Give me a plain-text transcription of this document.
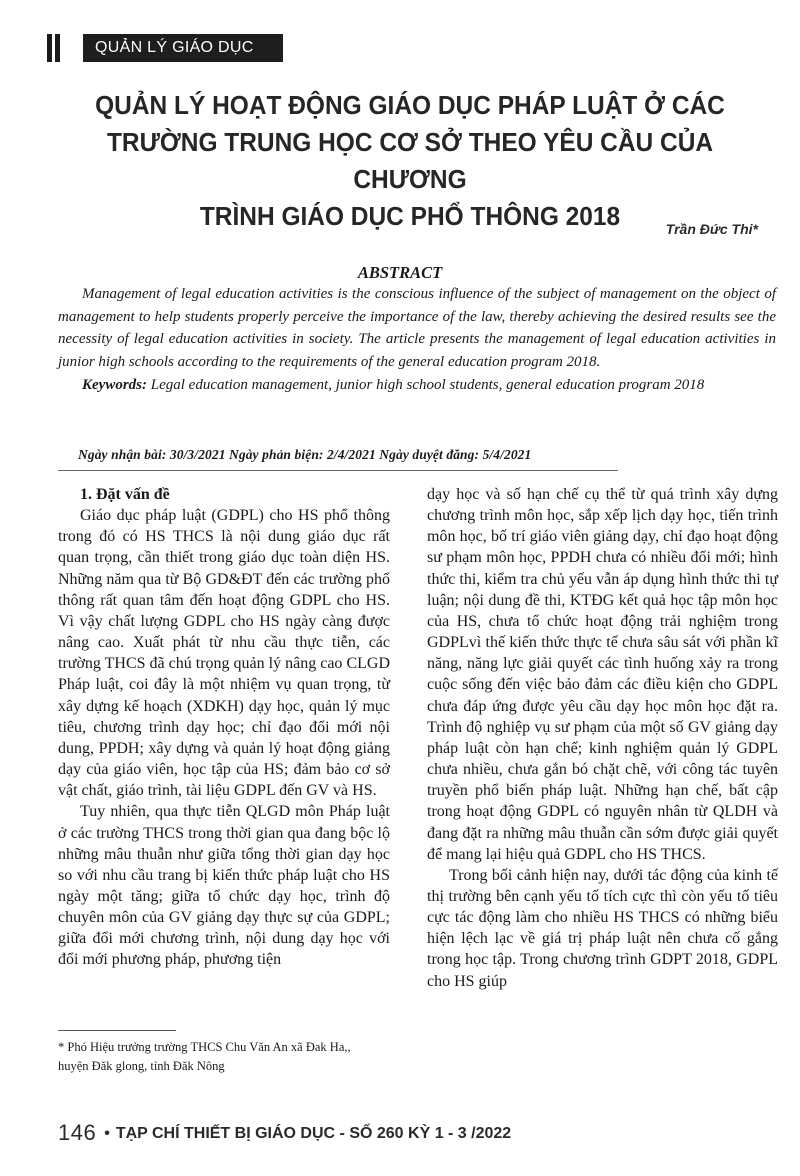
QUẢN LÝ GIÁO DỤC
QUẢN LÝ HOẠT ĐỘNG GIÁO DỤC PHÁP LUẬT Ở CÁC
TRƯỜNG TRUNG HỌC CƠ SỞ THEO YÊU CẦU CỦA CHƯƠNG
TRÌNH GIÁO DỤC PHỔ THÔNG 2018	Trần Đức Thi*
ABSTRACT

Management of legal education activities is the conscious influence of the subject of management on the object of management to help students properly perceive the importance of the law, thereby achieving the desired results see the necessity of legal education activities in society. The article presents the management of legal education activities in junior high schools according to the requirements of the general education program 2018.

Keywords: Legal education management, junior high school students, general education program 2018
Ngày nhận bài: 30/3/2021 Ngày phản biện: 2/4/2021 Ngày duyệt đăng: 5/4/2021

1. Đặt vấn đề

Giáo dục pháp luật (GDPL) cho HS phổ thông trong đó có HS THCS là nội dung giáo dục rất quan trọng, cần thiết trong giáo dục toàn diện HS. Những năm qua từ Bộ GD&ĐT đến các trường phổ thông rất quan tâm đến hoạt động GDPL cho HS. Vì vậy chất lượng GDPL cho HS ngày càng được nâng cao. Xuất phát từ nhu cầu thực tiễn, các trường THCS đã chú trọng quản lý nâng cao CLGD Pháp luật, coi đây là một nhiệm vụ quan trọng, từ xây dựng kế hoạch (XDKH) dạy học, quản lý mục tiêu, chương trình dạy học; chỉ đạo đổi mới nội dung, PPDH; xây dựng và quản lý hoạt động giảng dạy của giáo viên, học tập của HS; đảm bảo cơ sở vật chất, giáo trình, tài liệu GDPL đến GV và HS.

Tuy nhiên, qua thực tiễn QLGD môn Pháp luật ở các trường THCS trong thời gian qua đang bộc lộ những mâu thuẫn như giữa tổng thời gian dạy học so với nhu cầu trang bị kiến thức pháp luật cho HS ngày một tăng; giữa tổ chức dạy học, trình độ chuyên môn của GV giảng dạy thực sự của GDPL; giữa đổi mới chương trình, nội dung dạy học với đổi mới phương pháp, phương tiện

dạy học và số hạn chế cụ thể từ quá trình xây dựng chương trình môn học, sắp xếp lịch dạy học, tiến trình môn học, bố trí giáo viên giảng dạy, chỉ đạo hoạt động sư phạm môn học, PPDH chưa có nhiều đổi mới; hình thức thi, kiểm tra chủ yếu vẫn áp dụng hình thức thi tự luận; nội dung đề thi, KTĐG kết quả học tập môn học của HS, chưa tổ chức hoạt động trải nghiệm trong GDPLvì thế kiến thức thực tế chưa sâu sát với phần kĩ năng, năng lực giải quyết các tình huống xảy ra trong cuộc sống đến việc bảo đảm các điều kiện cho GDPL chưa đáp ứng được yêu cầu dạy học môn học đặt ra. Trình độ nghiệp vụ sư phạm của một số GV giảng dạy pháp luật còn hạn chế; kinh nghiệm quản lý GDPL chưa nhiều, chưa gắn bó chặt chẽ, với công tác tuyên truyền phổ biến pháp luật. Những hạn chế, bất cập trong hoạt động GDPL có nguyên nhân từ QLDH và đang đặt ra những mâu thuẫn cần sớm được giải quyết để mang lại hiệu quả GDPL cho HS THCS.

Trong bối cảnh hiện nay, dưới tác động của kinh tế thị trường bên cạnh yếu tố tích cực thì còn yếu tố tiêu cực tác động làm cho nhiều HS THCS có những biểu hiện lệch lạc về giá trị pháp luật nên chưa cố gắng trong học tập. Trong chương trình GDPT 2018, GDPL cho HS giúp

* Phó Hiệu trưởng trường THCS Chu Văn An xã Đak Ha,,
huyện Đăk glong, tỉnh Đăk Nông
146 • TẠP CHÍ THIẾT BỊ GIÁO DỤC - SỐ 260 KỲ 1 - 3 /2022
